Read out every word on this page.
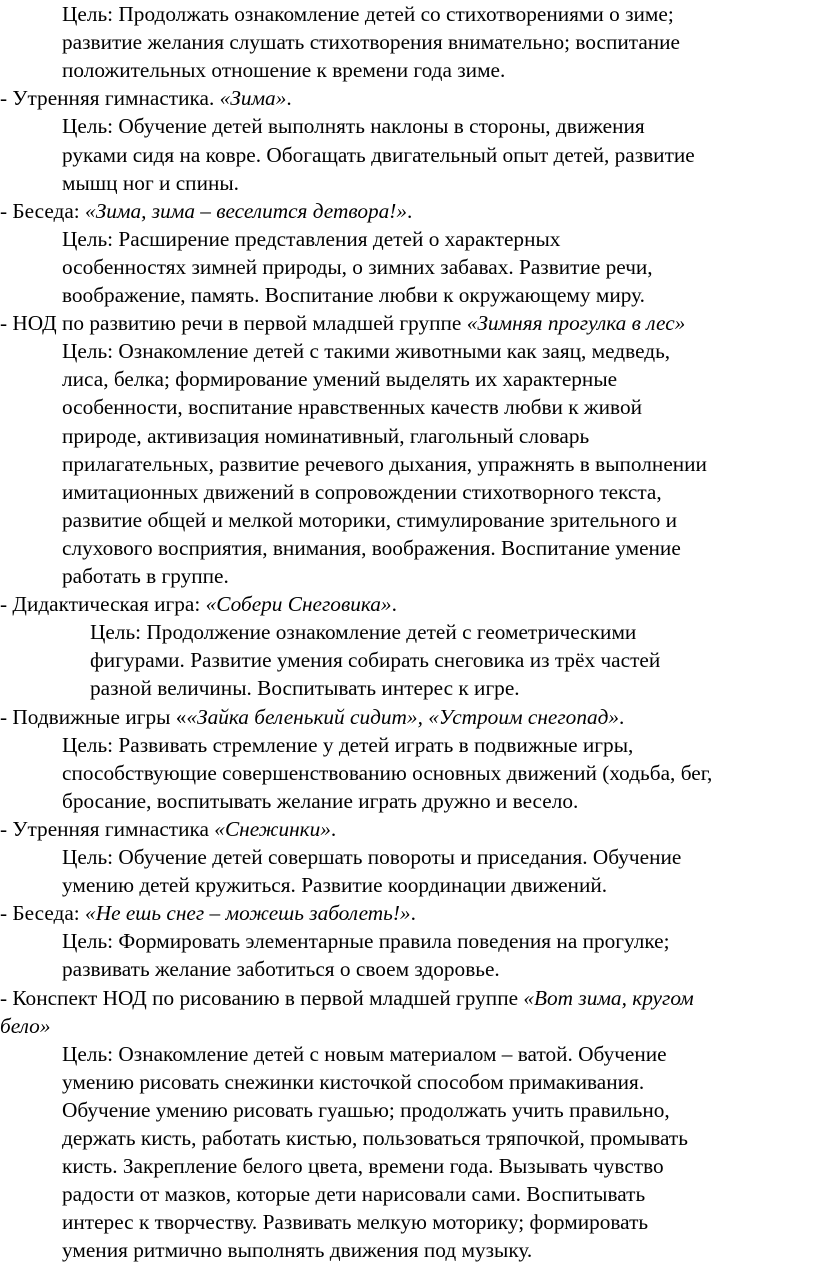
Цель: Продолжать ознакомление детей со стихотворениями о зиме;
развитие желания слушать стихотворения внимательно; воспитание
положительных отношение к времени года зиме.
- Утренняя гимнастика. «Зима».
Цель: Обучение детей выполнять наклоны в стороны, движения
руками сидя на ковре. Обогащать двигательный опыт детей, развитие
мышц ног и спины.
- Беседа: «Зима, зима – веселится детвора!».
Цель: Расширение представления детей о характерных
особенностях зимней природы, о зимних забавах. Развитие речи,
воображение, память. Воспитание любви к окружающему миру.
- НОД по развитию речи в первой младшей группе «Зимняя прогулка в лес»
Цель: Ознакомление детей с такими животными как заяц, медведь,
лиса, белка; формирование умений выделять их характерные
особенности, воспитание нравственных качеств любви к живой
природе, активизация номинативный, глагольный словарь
прилагательных, развитие речевого дыхания, упражнять в выполнении
имитационных движений в сопровождении стихотворного текста,
развитие общей и мелкой моторики, стимулирование зрительного и
слухового восприятия, внимания, воображения. Воспитание умение
работать в группе.
- Дидактическая игра: «Собери Снеговика».
Цель: Продолжение ознакомление детей с геометрическими
фигурами. Развитие умения собирать снеговика из трёх частей
разной величины. Воспитывать интерес к игре.
- Подвижные игры ««Зайка беленький сидит», «Устроим снегопад».
Цель: Развивать стремление у детей играть в подвижные игры,
способствующие совершенствованию основных движений (ходьба, бег,
бросание, воспитывать желание играть дружно и весело.
- Утренняя гимнастика «Снежинки».
Цель: Обучение детей совершать повороты и приседания. Обучение
умению детей кружиться. Развитие координации движений.
- Беседа: «Не ешь снег – можешь заболеть!».
Цель: Формировать элементарные правила поведения на прогулке;
развивать желание заботиться о своем здоровье.
- Конспект НОД по рисованию в первой младшей группе «Вот зима, кругом
бело»
Цель: Ознакомление детей с новым материалом – ватой. Обучение
умению рисовать снежинки кисточкой способом примакивания.
Обучение умению рисовать гуашью; продолжать учить правильно,
держать кисть, работать кистью, пользоваться тряпочкой, промывать
кисть. Закрепление белого цвета, времени года. Вызывать чувство
радости от мазков, которые дети нарисовали сами. Воспитывать
интерес к творчеству. Развивать мелкую моторику; формировать
умения ритмично выполнять движения под музыку.
